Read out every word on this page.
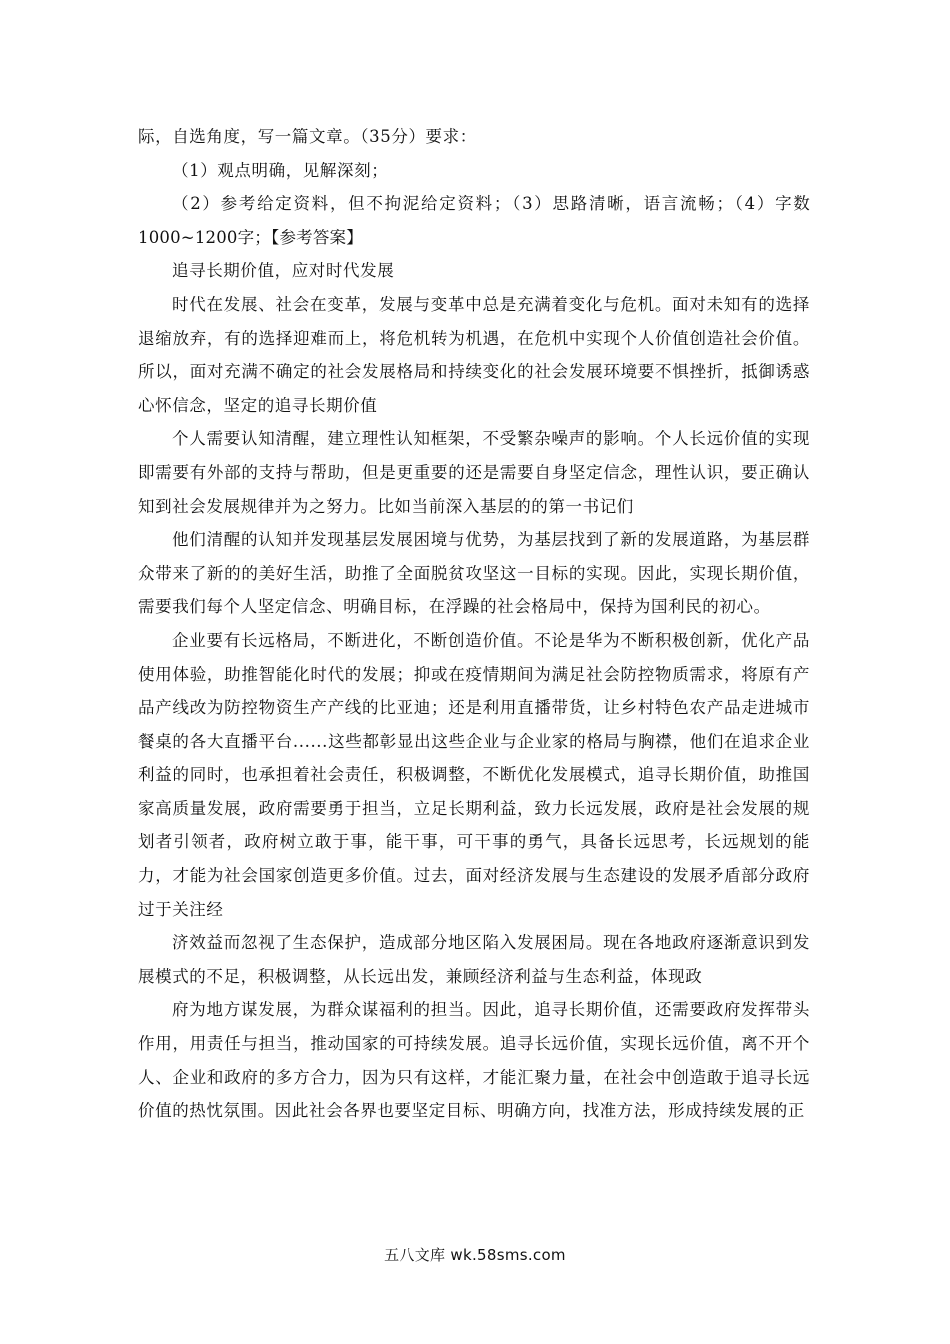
际，自选角度，写一篇文章。（35分）要求：

（1）观点明确，见解深刻；

（2）参考给定资料，但不拘泥给定资料；（3）思路清晰，语言流畅；（4）字数1000~1200字；【参考答案】

追寻长期价值，应对时代发展

时代在发展、社会在变革，发展与变革中总是充满着变化与危机。面对未知有的选择退缩放弃，有的选择迎难而上，将危机转为机遇，在危机中实现个人价值创造社会价值。所以，面对充满不确定的社会发展格局和持续变化的社会发展环境要不惧挫折，抵御诱惑心怀信念，坚定的追寻长期价值

个人需要认知清醒，建立理性认知框架，不受繁杂噪声的影响。个人长远价值的实现即需要有外部的支持与帮助，但是更重要的还是需要自身坚定信念，理性认识，要正确认知到社会发展规律并为之努力。比如当前深入基层的的第一书记们

他们清醒的认知并发现基层发展困境与优势，为基层找到了新的发展道路，为基层群众带来了新的的美好生活，助推了全面脱贫攻坚这一目标的实现。因此，实现长期价值，需要我们每个人坚定信念、明确目标，在浮躁的社会格局中，保持为国利民的初心。

企业要有长远格局，不断进化，不断创造价值。不论是华为不断积极创新，优化产品使用体验，助推智能化时代的发展；抑或在疫情期间为满足社会防控物质需求，将原有产品产线改为防控物资生产产线的比亚迪；还是利用直播带货，让乡村特色农产品走进城市餐桌的各大直播平台......这些都彰显出这些企业与企业家的格局与胸襟，他们在追求企业利益的同时，也承担着社会责任，积极调整，不断优化发展模式，追寻长期价值，助推国家高质量发展，政府需要勇于担当，立足长期利益，致力长远发展，政府是社会发展的规划者引领者，政府树立敢于事，能干事，可干事的勇气，具备长远思考，长远规划的能力，才能为社会国家创造更多价值。过去，面对经济发展与生态建设的发展矛盾部分政府过于关注经

济效益而忽视了生态保护，造成部分地区陷入发展困局。现在各地政府逐渐意识到发展模式的不足，积极调整，从长远出发，兼顾经济利益与生态利益，体现政

府为地方谋发展，为群众谋福利的担当。因此，追寻长期价值，还需要政府发挥带头作用，用责任与担当，推动国家的可持续发展。追寻长远价值，实现长远价值，离不开个人、企业和政府的多方合力，因为只有这样，才能汇聚力量，在社会中创造敢于追寻长远价值的热忱氛围。因此社会各界也要坚定目标、明确方向，找准方法，形成持续发展的正

五八文库 wk.58sms.com
